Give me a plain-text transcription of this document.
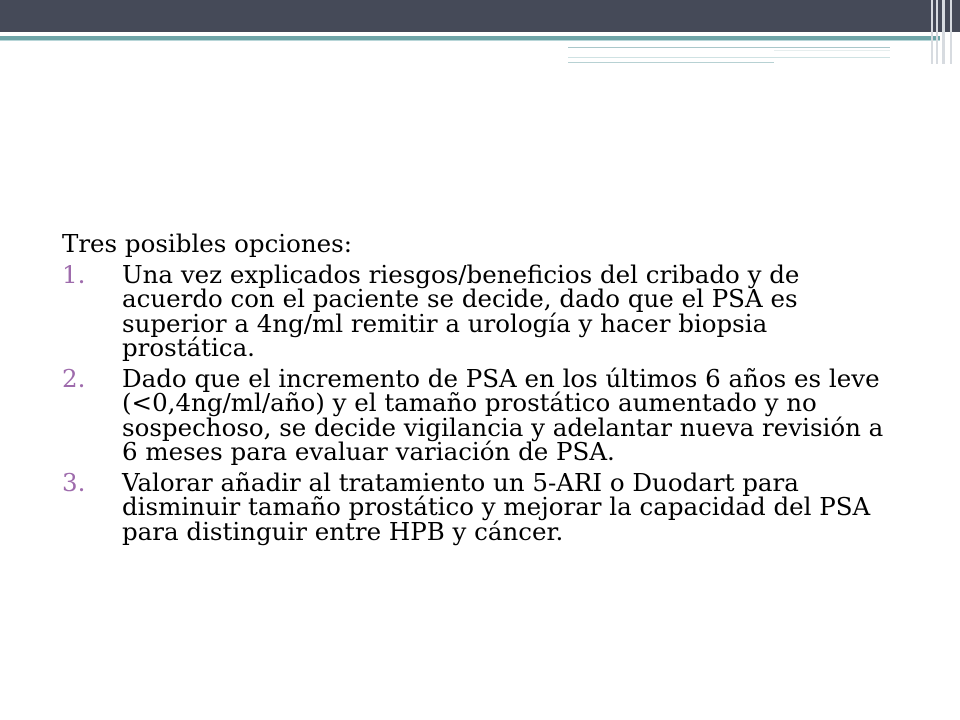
Tres posibles opciones:

1.	Una vez explicados riesgos/beneficios del cribado y de acuerdo con el paciente se decide, dado que el PSA es superior a 4ng/ml remitir a urología y hacer biopsia prostática.
2.	Dado que el incremento de PSA en los últimos 6 años es leve (<0,4ng/ml/año) y el tamaño prostático aumentado y no sospechoso, se decide vigilancia y adelantar nueva revisión a 6 meses para evaluar variación de PSA.
3.	Valorar añadir al tratamiento un 5-ARI o Duodart para disminuir tamaño prostático y mejorar la capacidad del PSA para distinguir entre HPB y cáncer.
